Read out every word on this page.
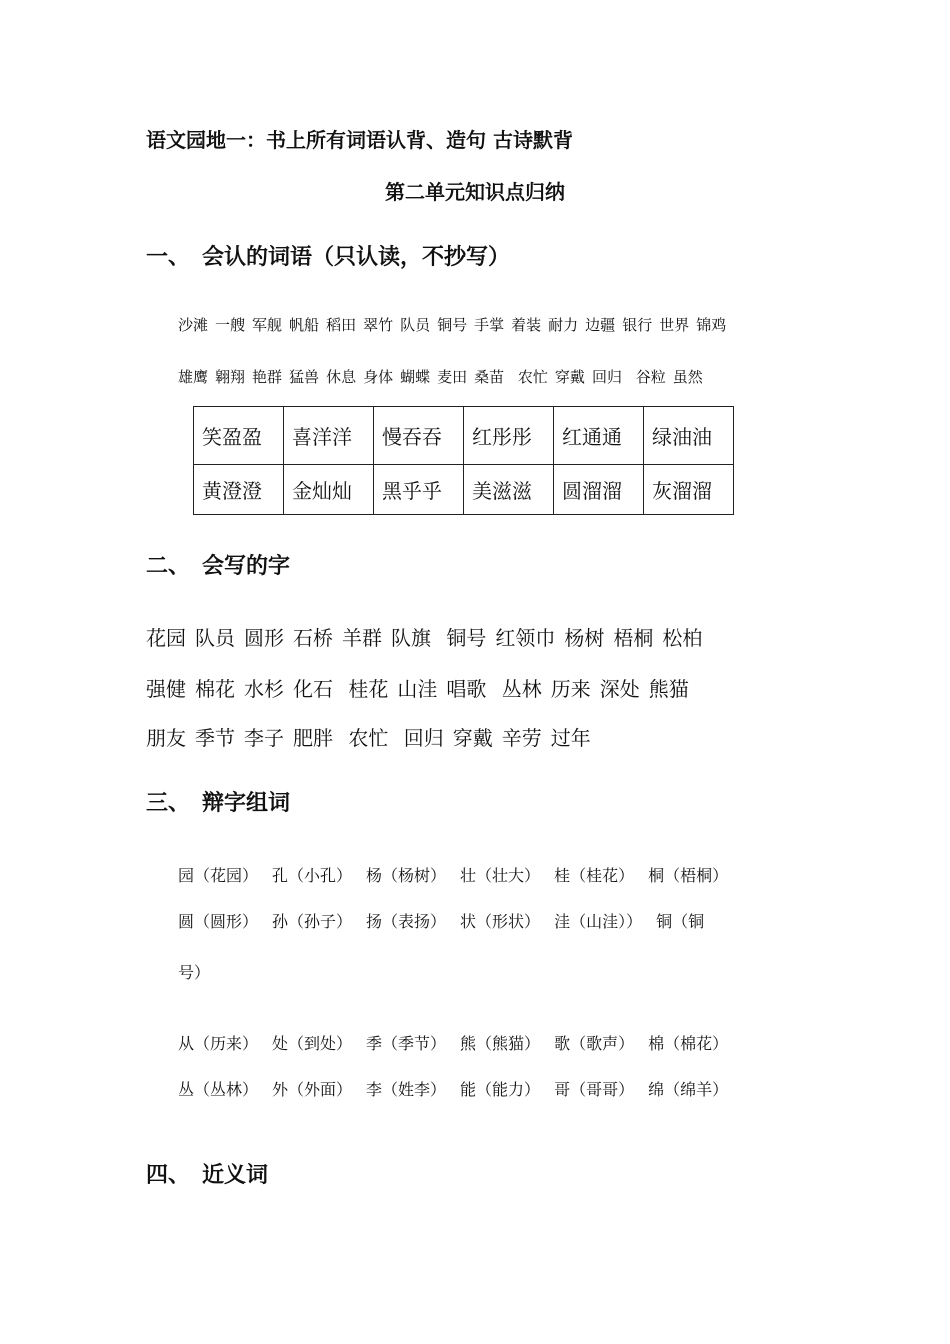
语文园地一：书上所有词语认背、造句 古诗默背
第二单元知识点归纳
一、 会认的词语（只认读，不抄写）
沙滩 一艘 军舰 帆船 稻田 翠竹 队员 铜号 手掌 着装 耐力 边疆 银行 世界 锦鸡
雄鹰 翱翔 艳群 猛兽 休息 身体 蝴蝶 麦田 桑苗 农忙 穿戴 回归 谷粒 虽然
笑盈盈	喜洋洋	慢吞吞	红彤彤	红通通	绿油油
黄澄澄	金灿灿	黑乎乎	美滋滋	圆溜溜	灰溜溜
二、 会写的字
花园 队员 圆形 石桥 羊群 队旗 铜号 红领巾 杨树 梧桐 松柏
强健 棉花 水杉 化石 桂花 山洼 唱歌 丛林 历来 深处 熊猫
朋友 季节 李子 肥胖 农忙 回归 穿戴 辛劳 过年
三、 辩字组词
园（花园） 孔（小孔） 杨（杨树） 壮（壮大） 桂（桂花） 桐（梧桐）
圆（圆形） 孙（孙子） 扬（表扬） 状（形状） 洼（山洼）） 铜（铜
号）
从（历来） 处（到处） 季（季节） 熊（熊猫） 歌（歌声） 棉（棉花）
丛（丛林） 外（外面） 李（姓李） 能（能力） 哥（哥哥） 绵（绵羊）
四、 近义词
